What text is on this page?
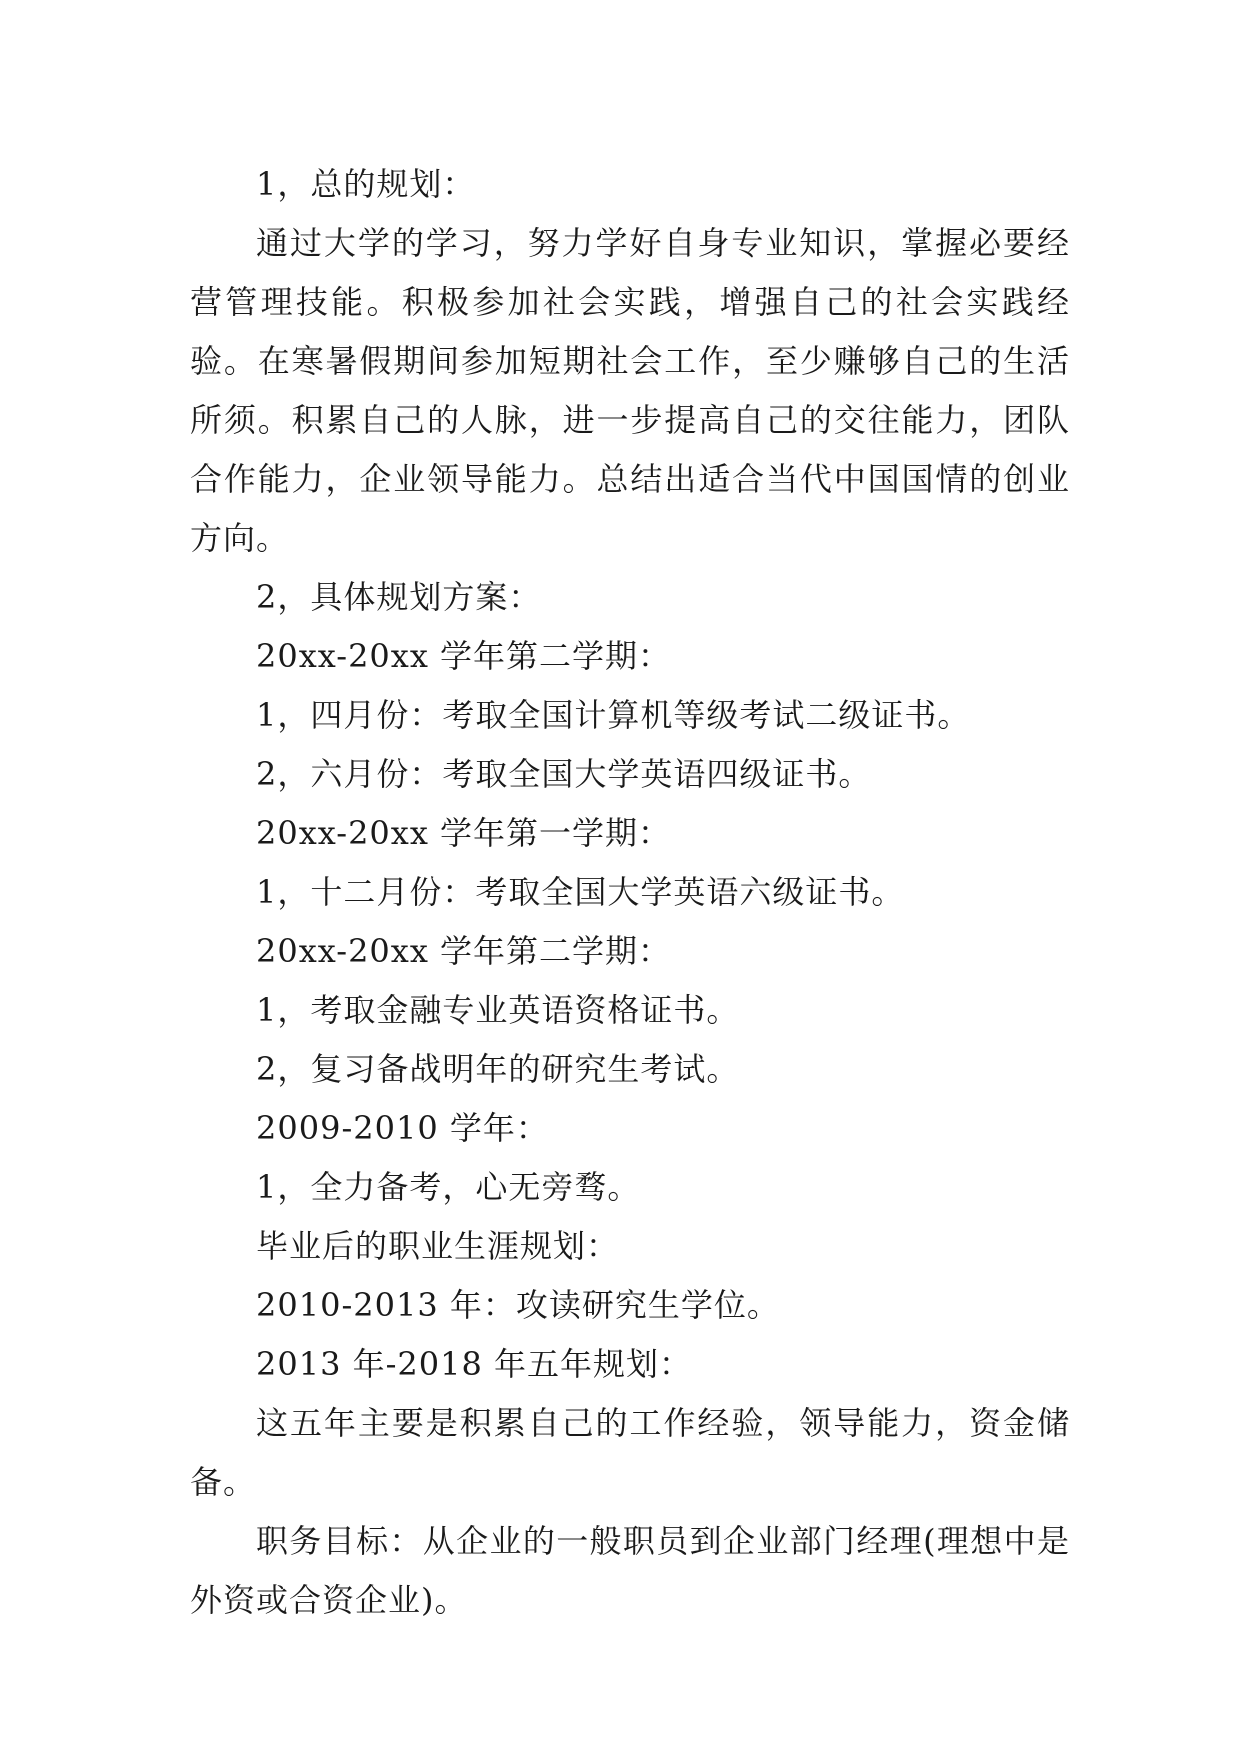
1，总的规划：

通过大学的学习，努力学好自身专业知识，掌握必要经营管理技能。积极参加社会实践，增强自己的社会实践经验。在寒暑假期间参加短期社会工作，至少赚够自己的生活所须。积累自己的人脉，进一步提高自己的交往能力，团队合作能力，企业领导能力。总结出适合当代中国国情的创业方向。

2，具体规划方案：

20xx-20xx 学年第二学期：

1，四月份：考取全国计算机等级考试二级证书。

2，六月份：考取全国大学英语四级证书。

20xx-20xx 学年第一学期：

1，十二月份：考取全国大学英语六级证书。

20xx-20xx 学年第二学期：

1，考取金融专业英语资格证书。

2，复习备战明年的研究生考试。

2009-2010 学年：

1，全力备考，心无旁骛。

毕业后的职业生涯规划：

2010-2013 年：攻读研究生学位。

2013 年-2018 年五年规划：

这五年主要是积累自己的工作经验，领导能力，资金储备。

职务目标：从企业的一般职员到企业部门经理(理想中是外资或合资企业)。
